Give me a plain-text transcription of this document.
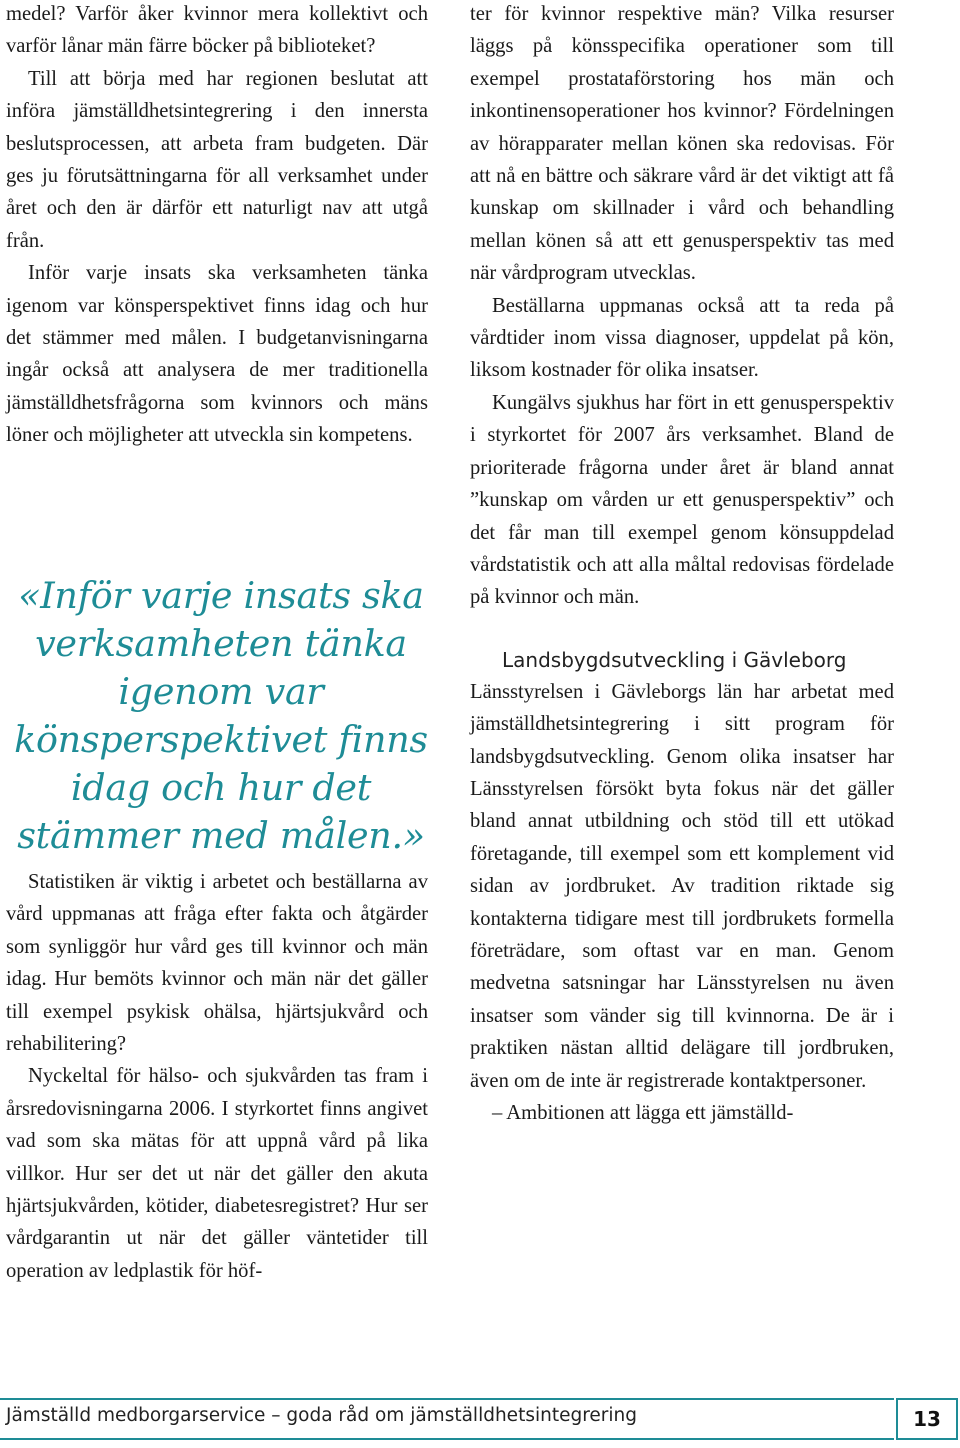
medel? Varför åker kvinnor mera kollektivt och varför lånar män färre böcker på biblioteket?

Till att börja med har regionen beslutat att införa jämställdhetsintegrering i den innersta beslutsprocessen, att arbeta fram budgeten. Där ges ju förutsättningarna för all verksamhet under året och den är därför ett naturligt nav att utgå från.

Inför varje insats ska verksamheten tänka igenom var könsperspektivet finns idag och hur det stämmer med målen. I budgetanvisningarna ingår också att analysera de mer traditionella jämställdhetsfrågorna som kvinnors och mäns löner och möjligheter att utveckla sin kompetens.

«Inför varje insats ska verksamheten tänka igenom var könsperspektivet finns idag och hur det stämmer med målen.»

Statistiken är viktig i arbetet och beställarna av vård uppmanas att fråga efter fakta och åtgärder som synliggör hur vård ges till kvinnor och män idag. Hur bemöts kvinnor och män när det gäller till exempel psykisk ohälsa, hjärtsjukvård och rehabilitering?

Nyckeltal för hälso- och sjukvården tas fram i årsredovisningarna 2006. I styrkortet finns angivet vad som ska mätas för att uppnå vård på lika villkor. Hur ser det ut när det gäller den akuta hjärtsjukvården, kötider, diabetesregistret? Hur ser vårdgarantin ut när det gäller väntetider till operation av ledplastik för höf-

ter för kvinnor respektive män? Vilka resurser läggs på könsspecifika operationer som till exempel prostataförstoring hos män och inkontinensoperationer hos kvinnor? Fördelningen av hörapparater mellan könen ska redovisas. För att nå en bättre och säkrare vård är det viktigt att få kunskap om skillnader i vård och behandling mellan könen så att ett genusperspektiv tas med när vårdprogram utvecklas.

Beställarna uppmanas också att ta reda på vårdtider inom vissa diagnoser, uppdelat på kön, liksom kostnader för olika insatser.

Kungälvs sjukhus har fört in ett genusperspektiv i styrkortet för 2007 års verksamhet. Bland de prioriterade frågorna under året är bland annat ”kunskap om vården ur ett genusperspektiv” och det får man till exempel genom könsuppdelad vårdstatistik och att alla måltal redovisas fördelade på kvinnor och män.

Landsbygdsutveckling i Gävleborg

Länsstyrelsen i Gävleborgs län har arbetat med jämställdhetsintegrering i sitt program för landsbygdsutveckling. Genom olika insatser har Länsstyrelsen försökt byta fokus när det gäller bland annat utbildning och stöd till ett utökad företagande, till exempel som ett komplement vid sidan av jordbruket. Av tradition riktade sig kontakterna tidigare mest till jordbrukets formella företrädare, som oftast var en man. Genom medvetna satsningar har Länsstyrelsen nu även insatser som vänder sig till kvinnorna. De är i praktiken nästan alltid delägare till jordbruken, även om de inte är registrerade kontaktpersoner.

– Ambitionen att lägga ett jämställd-

Jämställd medborgarservice – goda råd om jämställdhetsintegrering	13
